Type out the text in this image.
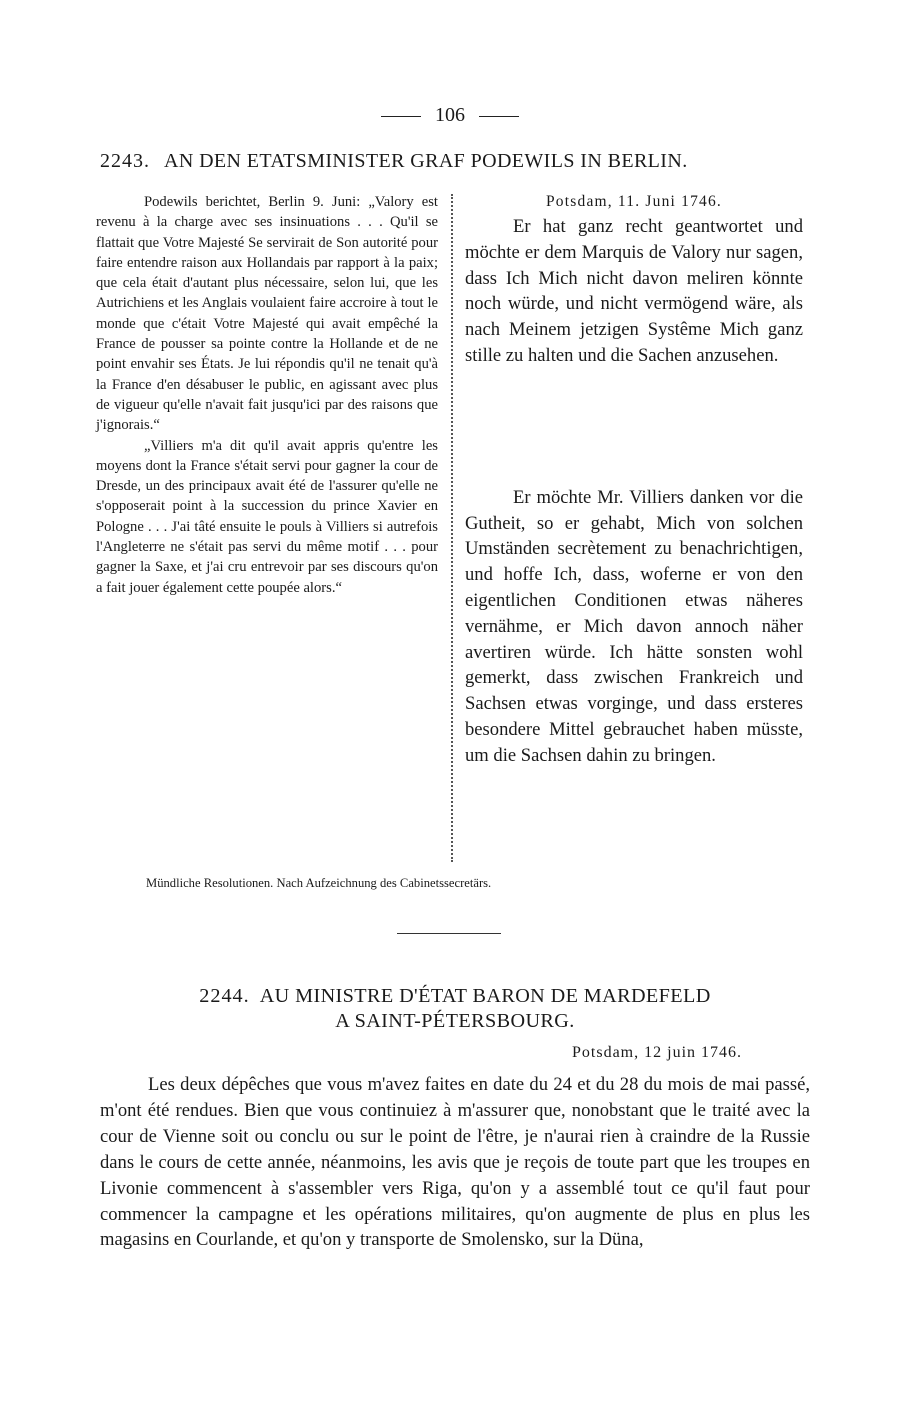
106
2243. AN DEN ETATSMINISTER GRAF PODEWILS IN BERLIN.

Podewils berichtet, Berlin 9. Juni: „Valory est revenu à la charge avec ses insinuations . . . Qu'il se flattait que Votre Majesté Se servirait de Son autorité pour faire entendre raison aux Hollandais par rapport à la paix; que cela était d'autant plus nécessaire, selon lui, que les Autrichiens et les Anglais voulaient faire accroire à tout le monde que c'était Votre Majesté qui avait empêché la France de pousser sa pointe contre la Hollande et de ne point envahir ses États. Je lui répondis qu'il ne tenait qu'à la France d'en désabuser le public, en agissant avec plus de vigueur qu'elle n'avait fait jusqu'ici par des raisons que j'ignorais.“

„Villiers m'a dit qu'il avait appris qu'entre les moyens dont la France s'était servi pour gagner la cour de Dresde, un des principaux avait été de l'assurer qu'elle ne s'opposerait point à la succession du prince Xavier en Pologne . . . J'ai tâté ensuite le pouls à Villiers si autrefois l'Angleterre ne s'était pas servi du même motif . . . pour gagner la Saxe, et j'ai cru entrevoir par ses discours qu'on a fait jouer également cette poupée alors.“

Potsdam, 11. Juni 1746.

Er hat ganz recht geantwortet und möchte er dem Marquis de Valory nur sagen, dass Ich Mich nicht davon meliren könnte noch würde, und nicht vermögend wäre, als nach Meinem jetzigen Systême Mich ganz stille zu halten und die Sachen anzusehen.

Er möchte Mr. Villiers danken vor die Gutheit, so er gehabt, Mich von solchen Umständen secrètement zu benachrichtigen, und hoffe Ich, dass, woferne er von den eigentlichen Conditionen etwas näheres vernähme, er Mich davon annoch näher avertiren würde. Ich hätte sonsten wohl gemerkt, dass zwischen Frankreich und Sachsen etwas vorginge, und dass ersteres besondere Mittel gebrauchet haben müsste, um die Sachsen dahin zu bringen.

Mündliche Resolutionen. Nach Aufzeichnung des Cabinetssecretärs.
2244. AU MINISTRE D'ÉTAT BARON DE MARDEFELD
A SAINT-PÉTERSBOURG.
Potsdam, 12 juin 1746.

Les deux dépêches que vous m'avez faites en date du 24 et du 28 du mois de mai passé, m'ont été rendues. Bien que vous continuiez à m'assurer que, nonobstant que le traité avec la cour de Vienne soit ou conclu ou sur le point de l'être, je n'aurai rien à craindre de la Russie dans le cours de cette année, néanmoins, les avis que je reçois de toute part que les troupes en Livonie commencent à s'assembler vers Riga, qu'on y a assemblé tout ce qu'il faut pour commencer la campagne et les opérations militaires, qu'on augmente de plus en plus les magasins en Courlande, et qu'on y transporte de Smolensko, sur la Düna,
